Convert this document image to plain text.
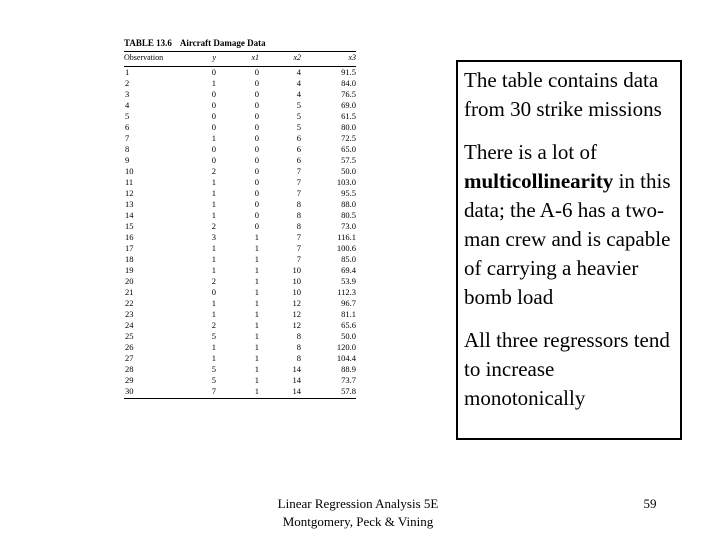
TABLE 13.6 Aircraft Damage Data
Observation	y	x1	x2	x3
1	0	0	4	91.5
2	1	0	4	84.0
3	0	0	4	76.5
4	0	0	5	69.0
5	0	0	5	61.5
6	0	0	5	80.0
7	1	0	6	72.5
8	0	0	6	65.0
9	0	0	6	57.5
10	2	0	7	50.0
11	1	0	7	103.0
12	1	0	7	95.5
13	1	0	8	88.0
14	1	0	8	80.5
15	2	0	8	73.0
16	3	1	7	116.1
17	1	1	7	100.6
18	1	1	7	85.0
19	1	1	10	69.4
20	2	1	10	53.9
21	0	1	10	112.3
22	1	1	12	96.7
23	1	1	12	81.1
24	2	1	12	65.6
25	5	1	8	50.0
26	1	1	8	120.0
27	1	1	8	104.4
28	5	1	14	88.9
29	5	1	14	73.7
30	7	1	14	57.8

The table contains data from 30 strike missions

There is a lot of multicollinearity in this data; the A-6 has a two-man crew and is capable of carrying a heavier bomb load

All three regressors tend to increase monotonically

Linear Regression Analysis 5E
Montgomery, Peck & Vining
59
